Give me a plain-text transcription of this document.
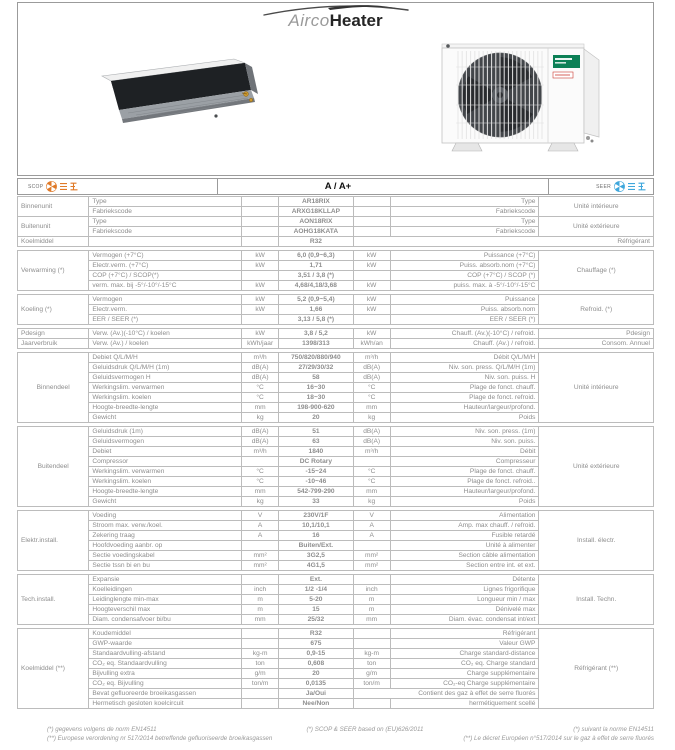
AircoHeater
SCOP	A / A+	SEER
Binnenunit	Type		AR18RIX		Type	Unité intérieure
	Fabriekscode		ARXG18KLLAP		Fabriekscode	
Buitenunit	Type		AON18RIX		Type	Unité extérieure
	Fabriekscode		AOHG18KATA		Fabriekscode	
Koelmiddel			R32	Réfrigérant		
Verwarming (*)	Vermogen (+7°C)	kW	6,0 (0,9~6,3)	kW	Puissance (+7°C)	Chauffage (*)
	Electr.verm. (+7°C)	kW	1,71	kW	Puiss. absorb.nom (+7°C)	
	COP (+7°C) / SCOP(*)		3,51 / 3,8 (*)		COP (+7°C) / SCOP (*)	
	verm. max. bij -5°/-10°/-15°C	kW	4,68/4,18/3,68	kW	puiss. max. à -5°/-10°/-15°C	
Koeling (*)	Vermogen	kW	5,2 (0,9~5,4)	kW	Puissance	Refroid. (*)
	Electr.verm.	kW	1,66	kW	Puiss. absorb.nom	
	EER / SEER (*)		3,13 / 5,8 (*)		EER / SEER (*)	
Pdesign	Verw. (Av.)(-10°C) / koelen	kW	3,8 / 5,2	kW	Chauff. (Av.)(-10°C) / refroid.	Pdesign
Jaarverbruik	Verw. (Av.) / koelen	kWh/jaar	1398/313	kWh/an	Chauff. (Av.) / refroid.	Consom. Annuel
Binnendeel	Debiet Q/L/M/H	m³/h	750/820/880/940	m³/h	Débit Q/L/M/H	Unité intérieure
	Geluidsdruk Q/L/M/H (1m)	dB(A)	27/29/30/32	dB(A)	Niv. son. press. Q/L/M/H (1m)	
	Geluidsvermogen H	dB(A)	58	dB(A)	Niv. son. puiss. H	
	Werkingslim. verwarmen	°C	16~30	°C	Plage de fonct. chauff.	
	Werkingslim. koelen	°C	18~30	°C	Plage de fonct. refroid.	
	Hoogte-breedte-lengte	mm	198-900-620	mm	Hauteur/largeur/profond.	
	Gewicht	kg	20	kg	Poids	
Buitendeel	Geluidsdruk (1m)	dB(A)	51	dB(A)	Niv. son. press. (1m)	Unité extérieure
	Geluidsvermogen	dB(A)	63	dB(A)	Niv. son. puiss.	
	Debiet	m³/h	1840	m³/h	Débit	
	Compressor		DC Rotary		Compresseur	
	Werkingslim. verwarmen	°C	-15~24	°C	Plage de fonct. chauff.	
	Werkingslim. koelen	°C	-10~46	°C	Plage de fonct. refroid..	
	Hoogte-breedte-lengte	mm	542-799-290	mm	Hauteur/largeur/profond.	
	Gewicht	kg	33	kg	Poids	
Elektr.install.	Voeding	V	230V/1F	V	Alimentation	Install. électr.
	Stroom max. verw./koel.	A	10,1/10,1	A	Amp. max chauff. / refroid.	
	Zekering traag	A	16	A	Fusible retardé	
	Hoofdvoeding aanbr. op		Buiten/Ext.		Unité à alimenter	
	Sectie voedingskabel	mm²	3G2,5	mm²	Section câble alimentation	
	Sectie tssn bi en bu	mm²	4G1,5	mm²	Section entre int. et ext.	
Tech.install.	Expansie		Ext.		Détente	Install. Techn.
	Koelleidingen	inch	1/2 -1/4	inch	Lignes frigorifique	
	Leidinglengte min-max	m	5-20	m	Longueur min / max	
	Hoogteverschil max	m	15	m	Dénivelé max	
	Diam. condensafvoer bi/bu	mm	25/32	mm	Diam. évac. condensat int/ext	
Koelmiddel (**)	Koudemiddel		R32		Réfrigérant	Réfrigérant (**)
	GWP-waarde		675		Valeur GWP	
	Standaardvulling-afstand	kg-m	0,9-15	kg-m	Charge standard-distance	
	CO₂ eq. Standaardvulling	ton	0,608	ton	CO₂ eq. Charge standard	
	Bijvulling extra	g/m	20	g/m	Charge supplémentaire	
	CO₂ eq. Bijvulling	ton/m	0,0135	ton/m	CO₂-eq Charge supplémentaire	
	Bevat gefluoreerde broeikasgassen		Ja/Oui	Contient des gaz à effet de serre fluorés		
	Hermetisch gesloten koelcircuit		Nee/Non		hermétiquement scellé	
(*) gegevens volgens de norm EN14511	(*) SCOP & SEER based on (EU)626/2011	(*) suivant la norme EN14511
(**) Europese verordening nr 517/2014 betreffende gefluoriseerde broeikasgassen	(**) Le décret Européen n°517/2014 sur le gaz à effet de serre fluorés
